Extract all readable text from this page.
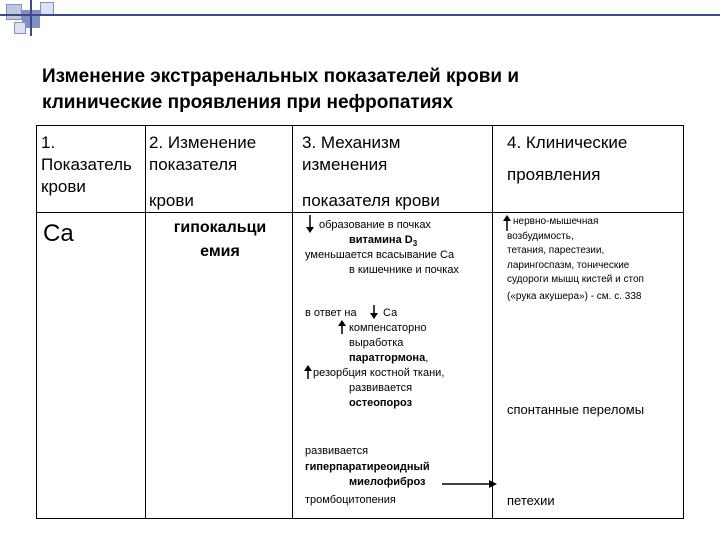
Изменение экстраренальных показателей крови и
клинические проявления при нефропатиях
1.
Показатель
крови
2. Изменение
показателя
крови
3. Механизм
изменения
показателя крови
4. Клинические
проявления
Ca	гипокальци
емия
образование в почках
витамина $D_3$
уменьшается всасывание Са
в кишечнике и почках
в ответ на Са
компенсаторно
выработка
паратгормона,
резорбция костной ткани,
развивается
остеопороз
развивается
гиперпаратиреоидный
миелофиброз
тромбоцитопения
нервно-мышечная
возбудимость,
тетания, парестезии,
ларингоспазм, тонические
судороги мышц кистей и стоп
(«рука акушера») - см. с. 338
спонтанные переломы
петехии
